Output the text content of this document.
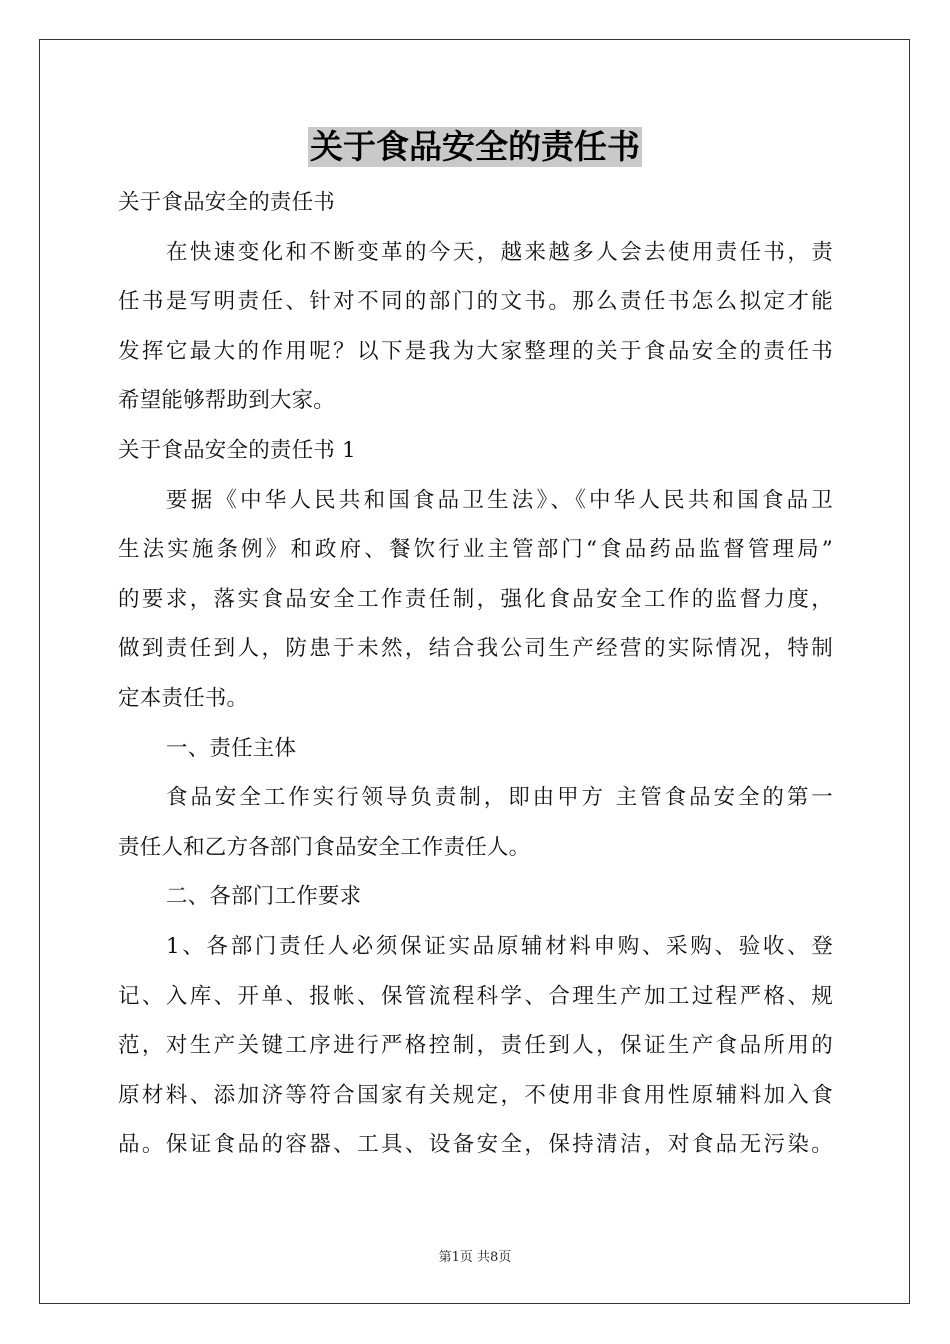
关于食品安全的责任书
关于食品安全的责任书
在快速变化和不断变革的今天，越来越多人会去使用责任书，责
任书是写明责任、针对不同的部门的文书。那么责任书怎么拟定才能
发挥它最大的作用呢？以下是我为大家整理的关于食品安全的责任书
希望能够帮助到大家。
关于食品安全的责任书 1
要据《中华人民共和国食品卫生法》、《中华人民共和国食品卫
生法实施条例》和政府、餐饮行业主管部门“食品药品监督管理局”
的要求，落实食品安全工作责任制，强化食品安全工作的监督力度，
做到责任到人，防患于未然，结合我公司生产经营的实际情况，特制
定本责任书。
一、责任主体
食品安全工作实行领导负责制，即由甲方 主管食品安全的第一
责任人和乙方各部门食品安全工作责任人。
二、各部门工作要求
1、各部门责任人必须保证实品原辅材料申购、采购、验收、登
记、入库、开单、报帐、保管流程科学、合理生产加工过程严格、规
范，对生产关键工序进行严格控制，责任到人，保证生产食品所用的
原材料、添加济等符合国家有关规定，不使用非食用性原辅料加入食
品。保证食品的容器、工具、设备安全，保持清洁，对食品无污染。
第1页 共8页
